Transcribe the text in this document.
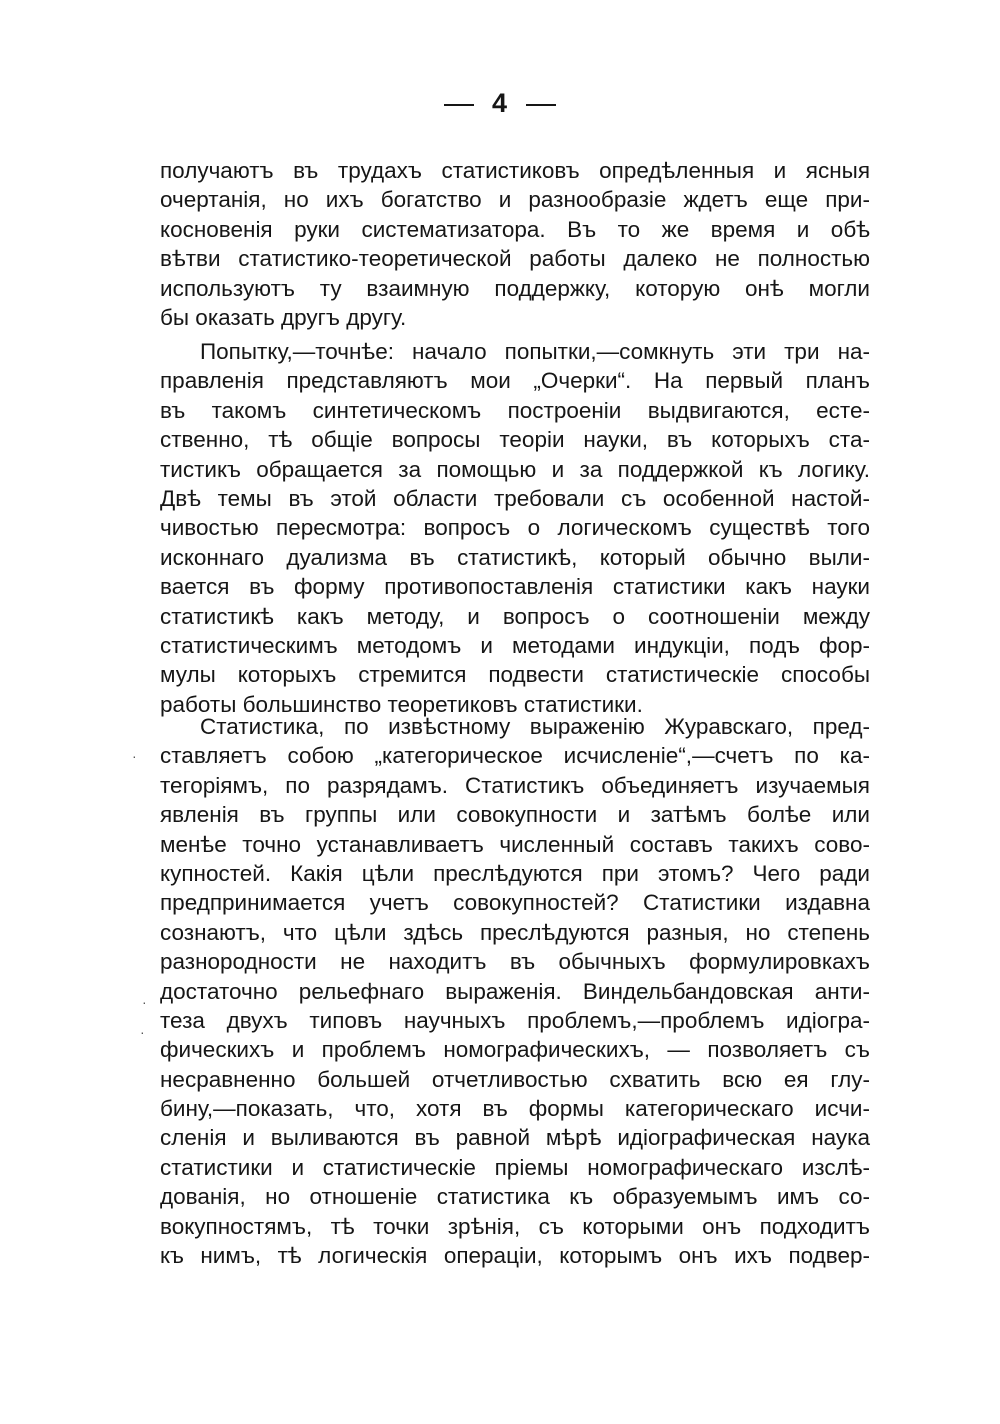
4
получаютъ въ трудахъ статистиковъ опредѣленныя и ясныя
очертанія, но ихъ богатство и разнообразіе ждетъ еще при-
косновенія руки систематизатора. Въ то же время и обѣ
вѣтви статистико-теоретической работы далеко не полностью
используютъ ту взаимную поддержку, которую онѣ могли
бы оказать другъ другу.
Попытку,—точнѣе: начало попытки,—сомкнуть эти три на-
правленія представляютъ мои „Очерки“. На первый планъ
въ такомъ синтетическомъ построеніи выдвигаются, есте-
ственно, тѣ общіе вопросы теоріи науки, въ которыхъ ста-
тистикъ обращается за помощью и за поддержкой къ логику.
Двѣ темы въ этой области требовали съ особенной настой-
чивостью пересмотра: вопросъ о логическомъ существѣ того
исконнаго дуализма въ статистикѣ, который обычно выли-
вается въ форму противопоставленія статистики какъ науки
статистикѣ какъ методу, и вопросъ о соотношеніи между
статистическимъ методомъ и методами индукціи, подъ фор-
мулы которыхъ стремится подвести статистическіе способы
работы большинство теоретиковъ статистики.
Статистика, по извѣстному выраженію Журавскаго, пред-
ставляетъ собою „категорическое исчисленіе“,—счетъ по ка-
тегоріямъ, по разрядамъ. Статистикъ объединяетъ изучаемыя
явленія въ группы или совокупности и затѣмъ болѣе или
менѣе точно устанавливаетъ численный составъ такихъ сово-
купностей. Какія цѣли преслѣдуются при этомъ? Чего ради
предпринимается учетъ совокупностей? Статистики издавна
сознаютъ, что цѣли здѣсь преслѣдуются разныя, но степень
разнородности не находитъ въ обычныхъ формулировкахъ
достаточно рельефнаго выраженія. Виндельбандовская анти-
теза двухъ типовъ научныхъ проблемъ,—проблемъ идіогра-
фическихъ и проблемъ номографическихъ, — позволяетъ съ
несравненно большей отчетливостью схватить всю ея глу-
бину,—показать, что, хотя въ формы категорическаго исчи-
сленія и выливаются въ равной мѣрѣ идіографическая наука
статистики и статистическіе пріемы номографическаго изслѣ-
дованія, но отношеніе статистика къ образуемымъ имъ со-
вокупностямъ, тѣ точки зрѣнія, съ которыми онъ подходитъ
къ нимъ, тѣ логическія операціи, которымъ онъ ихъ подвер-
·
·
·
